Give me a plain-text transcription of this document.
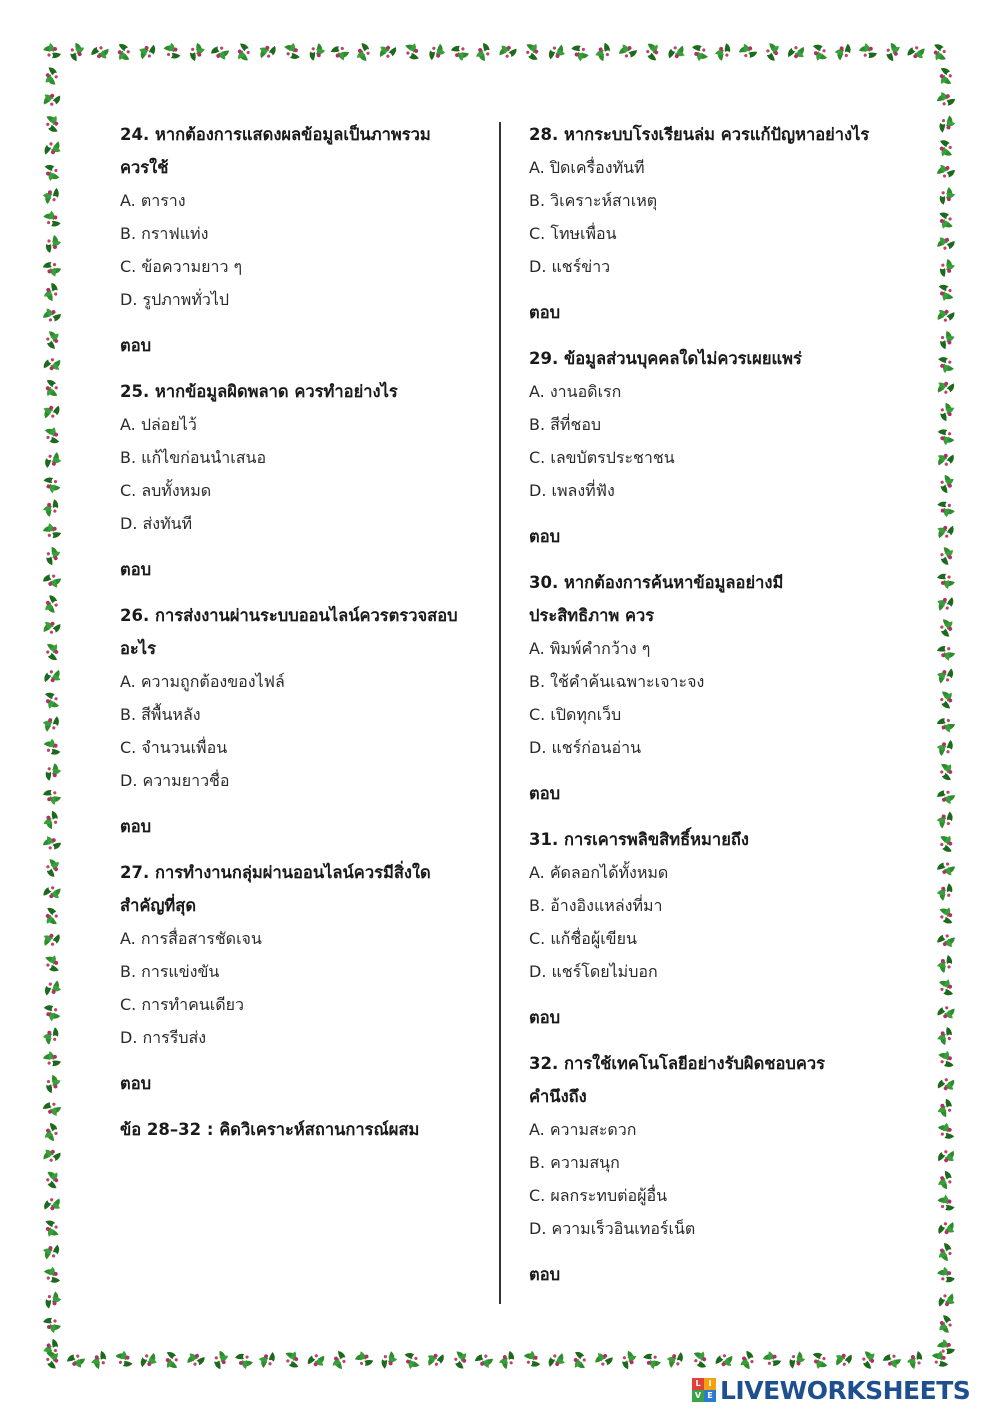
24. หากต้องการแสดงผลข้อมูลเป็นภาพรวม
ควรใช้
A. ตาราง
B. กราฟแท่ง
C. ข้อความยาว ๆ
D. รูปภาพทั่วไป
ตอบ
25. หากข้อมูลผิดพลาด ควรทำอย่างไร
A. ปล่อยไว้
B. แก้ไขก่อนนำเสนอ
C. ลบทั้งหมด
D. ส่งทันที
ตอบ
26. การส่งงานผ่านระบบออนไลน์ควรตรวจสอบ
อะไร
A. ความถูกต้องของไฟล์
B. สีพื้นหลัง
C. จำนวนเพื่อน
D. ความยาวชื่อ
ตอบ
27. การทำงานกลุ่มผ่านออนไลน์ควรมีสิ่งใด
สำคัญที่สุด
A. การสื่อสารชัดเจน
B. การแข่งขัน
C. การทำคนเดียว
D. การรีบส่ง
ตอบ
ข้อ 28–32 : คิดวิเคราะห์สถานการณ์ผสม
28. หากระบบโรงเรียนล่ม ควรแก้ปัญหาอย่างไร
A. ปิดเครื่องทันที
B. วิเคราะห์สาเหตุ
C. โทษเพื่อน
D. แชร์ข่าว
ตอบ
29. ข้อมูลส่วนบุคคลใดไม่ควรเผยแพร่
A. งานอดิเรก
B. สีที่ชอบ
C. เลขบัตรประชาชน
D. เพลงที่ฟัง
ตอบ
30. หากต้องการค้นหาข้อมูลอย่างมี
ประสิทธิภาพ ควร
A. พิมพ์คำกว้าง ๆ
B. ใช้คำค้นเฉพาะเจาะจง
C. เปิดทุกเว็บ
D. แชร์ก่อนอ่าน
ตอบ
31. การเคารพลิขสิทธิ์หมายถึง
A. คัดลอกได้ทั้งหมด
B. อ้างอิงแหล่งที่มา
C. แก้ชื่อผู้เขียน
D. แชร์โดยไม่บอก
ตอบ
32. การใช้เทคโนโลยีอย่างรับผิดชอบควร
คำนึงถึง
A. ความสะดวก
B. ความสนุก
C. ผลกระทบต่อผู้อื่น
D. ความเร็วอินเทอร์เน็ต
ตอบ
L I
V E LIVEWORKSHEETS
